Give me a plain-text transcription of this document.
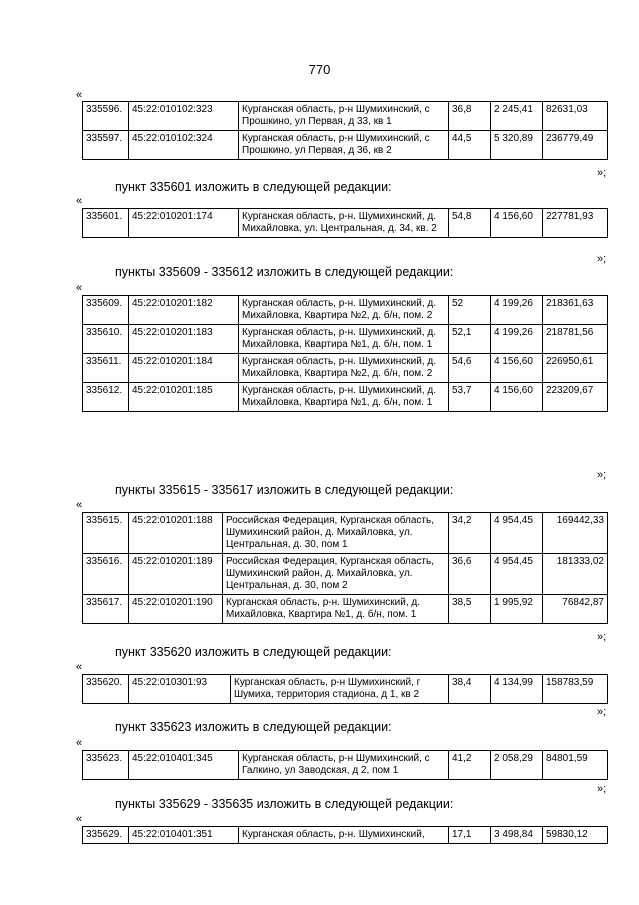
770
«
335596.	45:22:010102:323	Курганская область, р-н Шумихинский, с Прошкино, ул Первая, д 33, кв 1	36,8	2 245,41	82631,03
335597.	45:22:010102:324	Курганская область, р-н Шумихинский, с Прошкино, ул Первая, д 36, кв 2	44,5	5 320,89	236779,49
»;
пункт 335601 изложить в следующей редакции:
«
335601.	45:22:010201:174	Курганская область, р-н. Шумихинский, д. Михайловка, ул. Центральная, д. 34, кв. 2	54,8	4 156,60	227781,93
»;
пункты 335609 - 335612 изложить в следующей редакции:
«
335609.	45:22:010201:182	Курганская область, р-н. Шумихинский, д. Михайловка, Квартира №2, д. б/н, пом. 2	52	4 199,26	218361,63
335610.	45:22:010201:183	Курганская область, р-н. Шумихинский, д. Михайловка, Квартира №1, д. б/н, пом. 1	52,1	4 199,26	218781,56
335611.	45:22:010201:184	Курганская область, р-н. Шумихинский, д. Михайловка, Квартира №2, д. б/н, пом. 2	54,6	4 156,60	226950,61
335612.	45:22:010201:185	Курганская область, р-н. Шумихинский, д. Михайловка, Квартира №1, д. б/н, пом. 1	53,7	4 156,60	223209,67
»;
пункты 335615 - 335617 изложить в следующей редакции:
«
335615.	45:22:010201:188	Российская Федерация, Курганская область, Шумихинский район, д. Михайловка, ул. Центральная, д. 30, пом 1	34,2	4 954,45	169442,33
335616.	45:22:010201:189	Российская Федерация, Курганская область, Шумихинский район, д. Михайловка, ул. Центральная, д. 30, пом 2	36,6	4 954,45	181333,02
335617.	45:22:010201:190	Курганская область, р-н. Шумихинский, д. Михайловка, Квартира №1, д. б/н, пом. 1	38,5	1 995,92	76842,87
»;
пункт 335620 изложить в следующей редакции:
«
335620.	45:22:010301:93	Курганская область, р-н Шумихинский, г Шумиха, территория стадиона, д 1, кв 2	38,4	4 134,99	158783,59
»;
пункт 335623 изложить в следующей редакции:
«
335623.	45:22:010401:345	Курганская область, р-н Шумихинский, с Галкино, ул Заводская, д 2, пом 1	41,2	2 058,29	84801,59
»;
пункты 335629 - 335635 изложить в следующей редакции:
«
335629.	45:22:010401:351	Курганская область, р-н. Шумихинский,	17,1	3 498,84	59830,12
